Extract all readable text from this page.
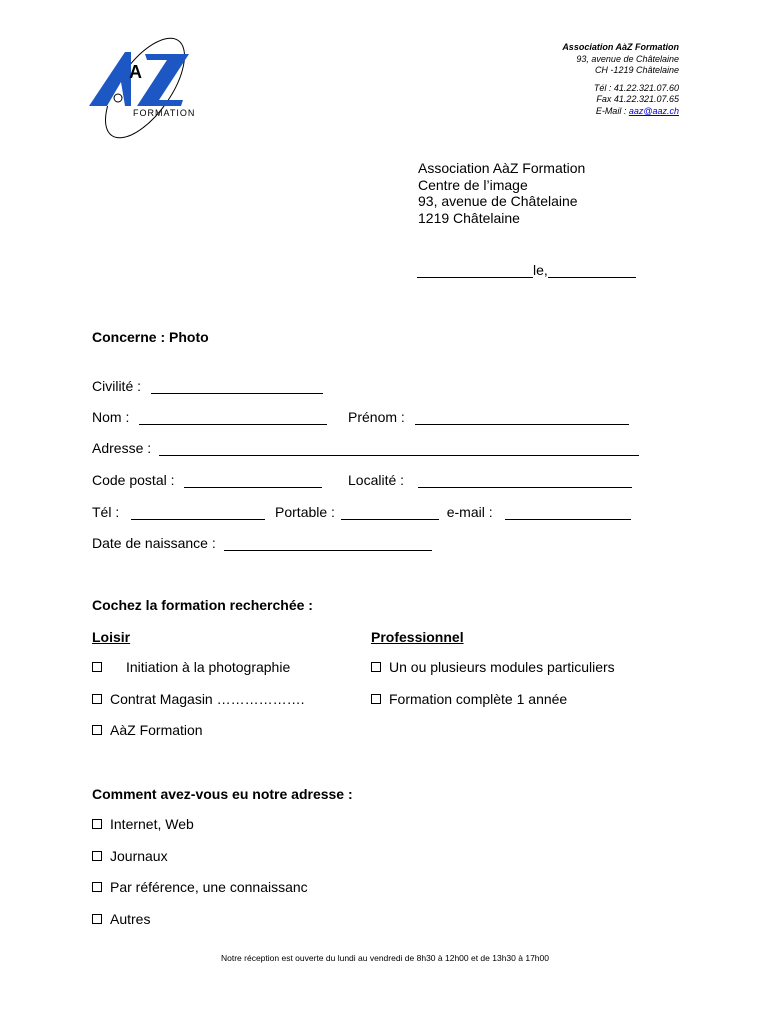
A
FORMATION
Association AàZ Formation
93, avenue de Châtelaine
CH -1219 Châtelaine
Tél : 41.22.321.07.60
Fax 41.22.321.07.65
E-Mail : aaz@aaz.ch
Association AàZ Formation
Centre de l’image
93, avenue de Châtelaine
1219 Châtelaine
le,
Concerne : Photo
Civilité :
Nom :	Prénom :
Adresse :
Code postal :	Localité :
Tél :	Portable :	e-mail :
Date de naissance :
Cochez la formation recherchée :
Loisir	Professionnel
Initiation à la photographie
Contrat Magasin ……………….
AàZ Formation
Un ou plusieurs modules particuliers
Formation complète 1 année
Comment avez-vous eu notre adresse :
Internet, Web
Journaux
Par référence, une connaissanc
Autres
Notre réception est ouverte du lundi au vendredi de 8h30 à 12h00 et de 13h30 à 17h00
